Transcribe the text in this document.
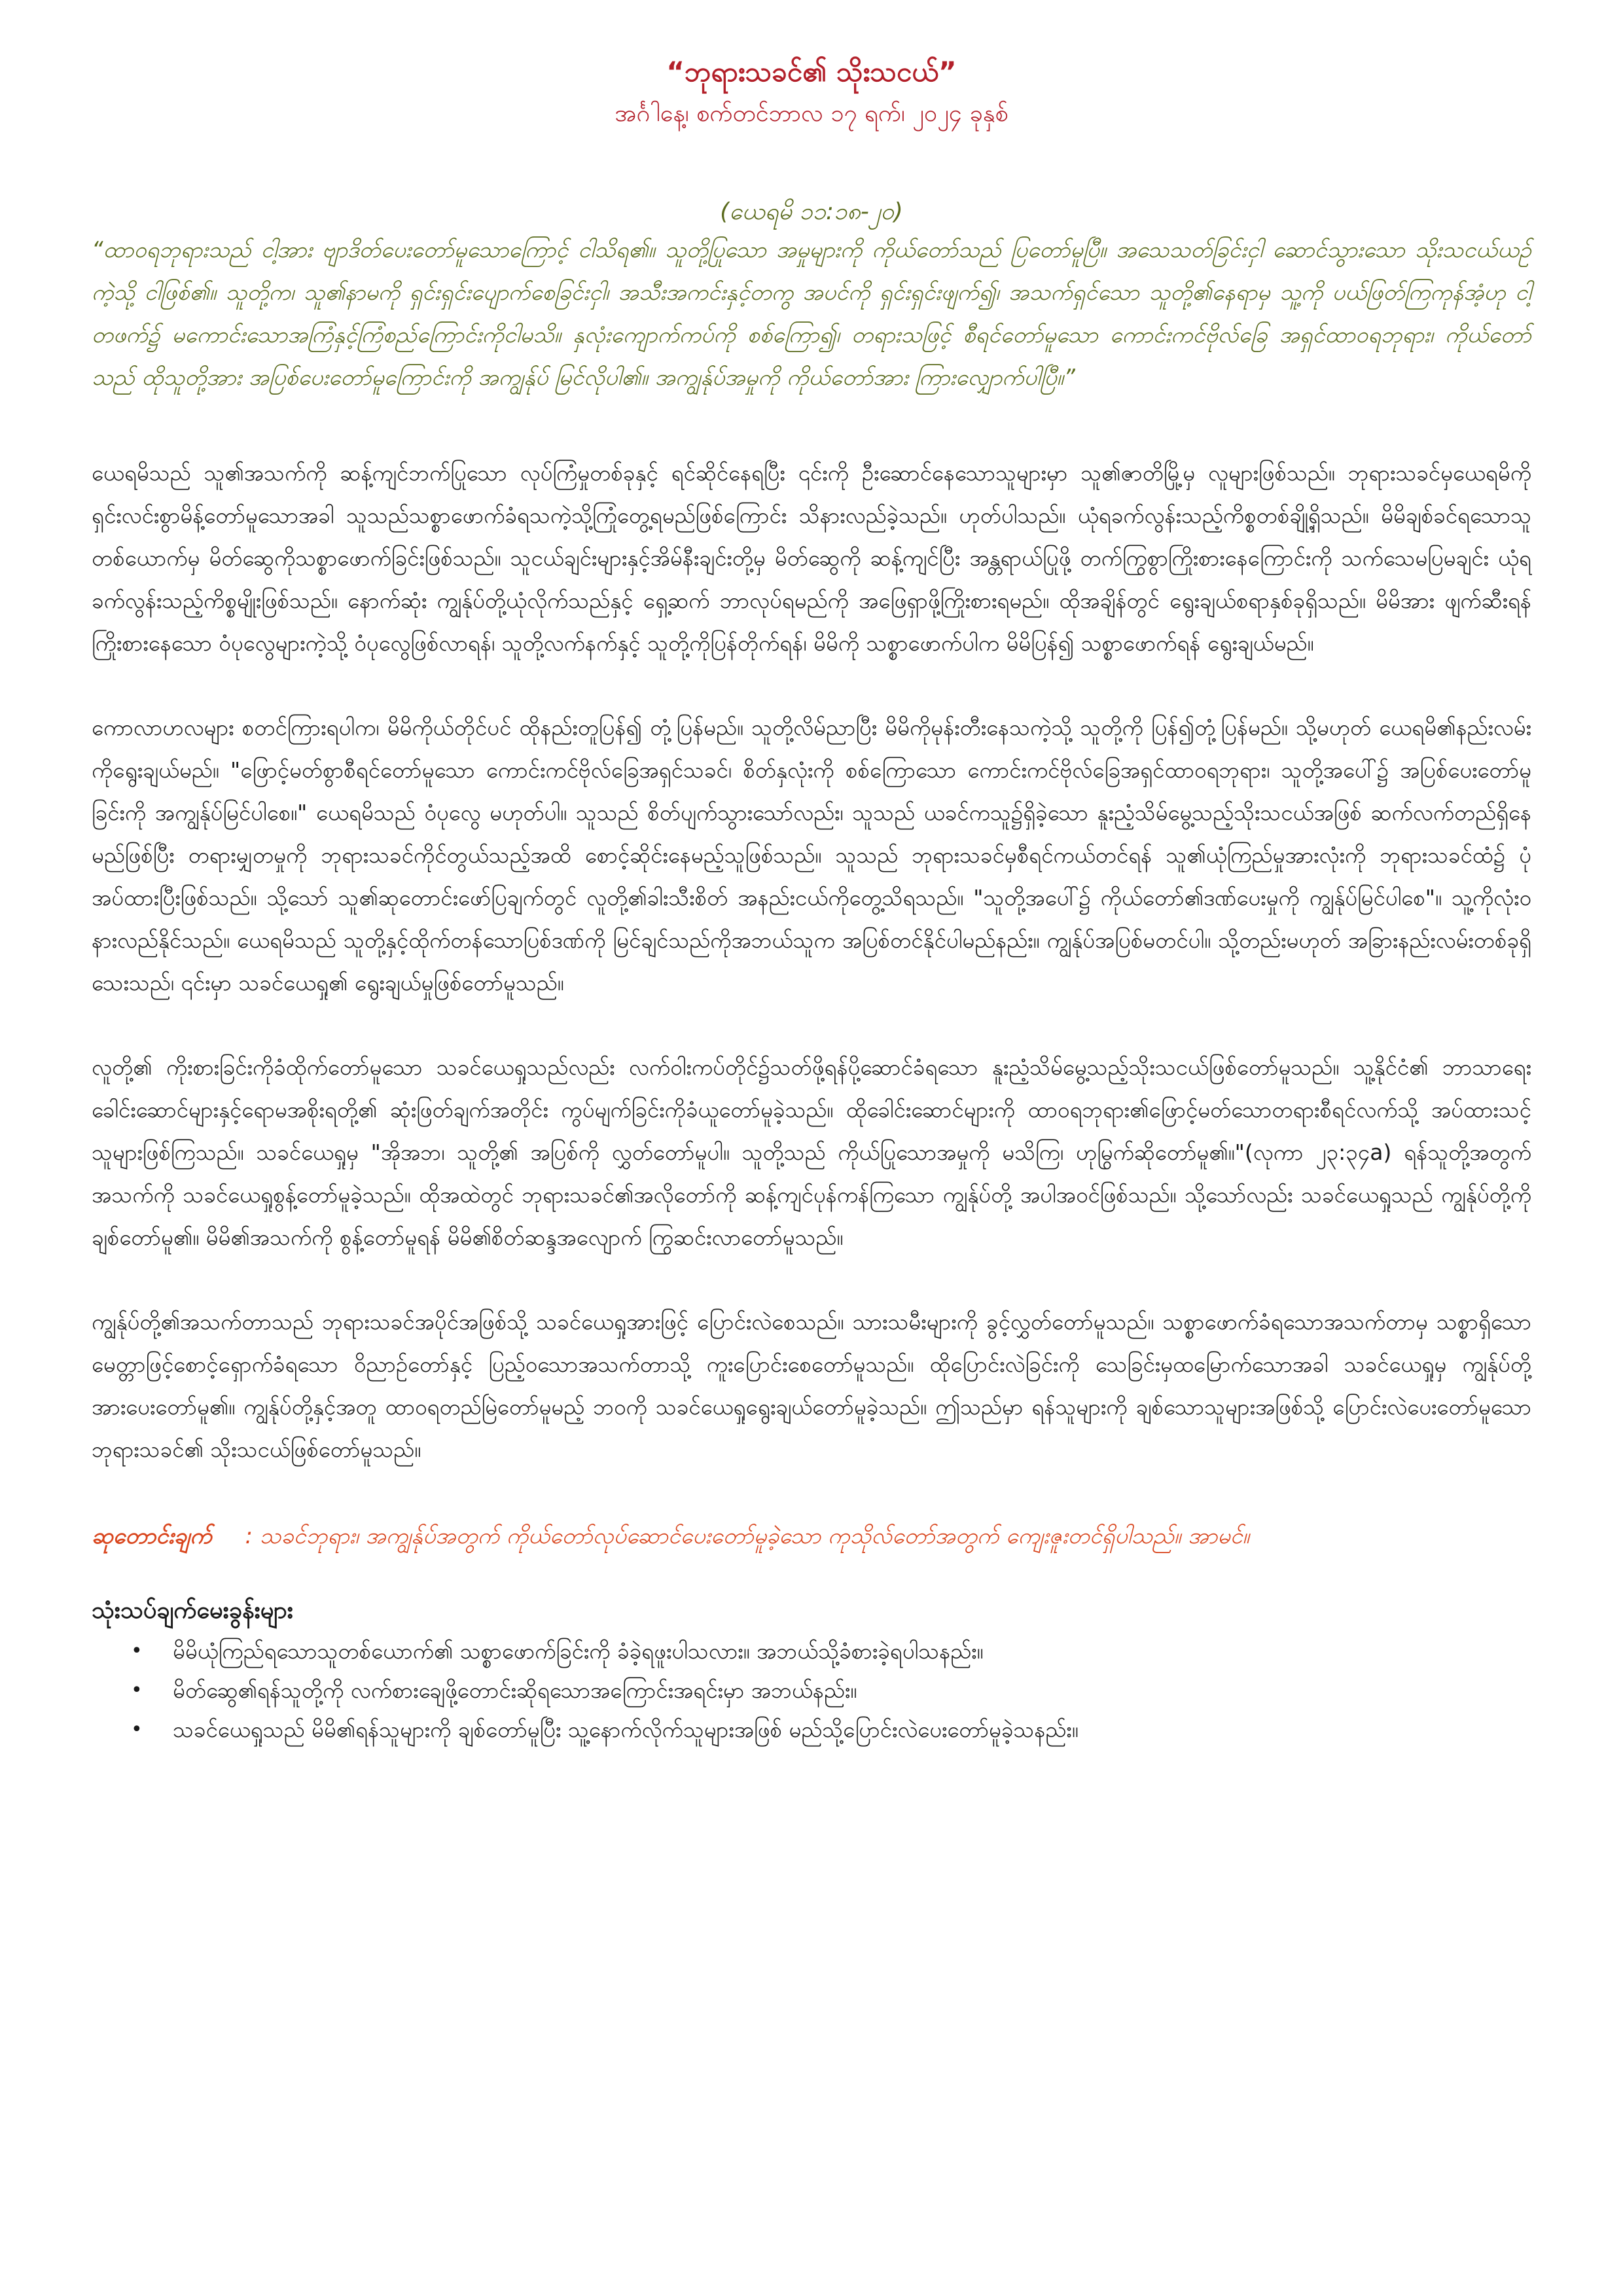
“ဘုရားသခင်၏ သိုးသငယ်”

အင်္ဂါနေ့၊ စက်တင်ဘာလ ၁၇ ရက်၊ ၂၀၂၄ ခုနှစ်

(ယေရမိ ၁၁:၁၈-၂၀)

“ထာဝရဘုရားသည် ငါ့အား ဗျာဒိတ်ပေးတော်မူသောကြောင့် ငါသိရ၏။ သူတို့ပြုသော အမှုများကို ကိုယ်တော်သည် ပြတော်မူပြီ။ အသေသတ်ခြင်းငှါ ဆောင်သွားသော သိုးသငယ်ယဉ်ကဲ့သို့ ငါဖြစ်၏။ သူတို့က၊ သူ၏နာမကို ရှင်းရှင်းပျောက်စေခြင်းငှါ၊ အသီးအကင်းနှင့်တကွ အပင်ကို ရှင်းရှင်းဖျက်၍၊ အသက်ရှင်သော သူတို့၏နေရာမှ သူ့ကို ပယ်ဖြတ်ကြကုန်အံ့ဟု ငါ့တဖက်၌ မကောင်းသောအကြံနှင့်ကြံစည်ကြောင်းကိုငါမသိ။ နှလုံးကျောက်ကပ်ကို စစ်ကြော၍၊ တရားသဖြင့် စီရင်တော်မူသော ကောင်းကင်ဗိုလ်ခြေ အရှင်ထာဝရဘုရား၊ ကိုယ်တော်သည် ထိုသူတို့အား အပြစ်ပေးတော်မူကြောင်းကို အကျွန်ုပ် မြင်လိုပါ၏။ အကျွန်ုပ်အမှုကို ကိုယ်တော်အား ကြားလျှောက်ပါပြီ။”

ယေရမိသည် သူ၏အသက်ကို ဆန့်ကျင်ဘက်ပြုသော လုပ်ကြံမှုတစ်ခုနှင့် ရင်ဆိုင်နေရပြီး ၎င်းကို ဦးဆောင်နေသောသူများမှာ သူ၏ဇာတိမြို့မှ လူများဖြစ်သည်။ ဘုရားသခင်မှယေရမိကို ရှင်းလင်းစွာမိန့်တော်မူသောအခါ သူသည်သစ္စာဖောက်ခံရသကဲ့သို့ကြုံတွေ့ရမည်ဖြစ်ကြောင်း သိနားလည်ခဲ့သည်။ ဟုတ်ပါသည်။ ယုံရခက်လွန်းသည့်ကိစ္စတစ်ချို့ရှိသည်။ မိမိချစ်ခင်ရသောသူတစ်ယောက်မှ မိတ်ဆွေကိုသစ္စာဖောက်ခြင်းဖြစ်သည်။ သူငယ်ချင်းများနှင့်အိမ်နီးချင်းတို့မှ မိတ်ဆွေကို ဆန့်ကျင်ပြီး အန္တရာယ်ပြုဖို့ တက်ကြွစွာကြိုးစားနေကြောင်းကို သက်သေမပြမချင်း ယုံရခက်လွန်းသည့်ကိစ္စမျိုးဖြစ်သည်။ နောက်ဆုံး ကျွန်ုပ်တို့ယုံလိုက်သည်နှင့် ရှေ့ဆက် ဘာလုပ်ရမည်ကို အဖြေရှာဖို့ကြိုးစားရမည်။ ထိုအချိန်တွင် ရွေးချယ်စရာနှစ်ခုရှိသည်။ မိမိအား ဖျက်ဆီးရန် ကြိုးစားနေသော ဝံပုလွေများကဲ့သို့ ဝံပုလွေဖြစ်လာရန်၊ သူတို့လက်နက်နှင့် သူတို့ကိုပြန်တိုက်ရန်၊ မိမိကို သစ္စာဖောက်ပါက မိမိပြန်၍ သစ္စာဖောက်ရန် ရွေးချယ်မည်။

ကောလာဟလများ စတင်ကြားရပါက၊ မိမိကိုယ်တိုင်ပင် ထိုနည်းတူပြန်၍ တုံ့ပြန်မည်။ သူတို့လိမ်ညာပြီး မိမိကိုမုန်းတီးနေသကဲ့သို့ သူတို့ကို ပြန်၍တုံ့ပြန်မည်။ သို့မဟုတ် ယေရမိ၏နည်းလမ်းကိုရွေးချယ်မည်။ "ဖြောင့်မတ်စွာစီရင်တော်မူသော ကောင်းကင်ဗိုလ်ခြေအရှင်သခင်၊ စိတ်နှလုံးကို စစ်ကြောသော ကောင်းကင်ဗိုလ်ခြေအရှင်ထာဝရဘုရား၊ သူတို့အပေါ်၌ အပြစ်ပေးတော်မူခြင်းကို အကျွန်ုပ်မြင်ပါစေ။" ယေရမိသည် ဝံပုလွေ မဟုတ်ပါ။ သူသည် စိတ်ပျက်သွားသော်လည်း၊ သူသည် ယခင်ကသူ၌ရှိခဲ့သော နူးညံ့သိမ်မွေ့သည့်သိုးသငယ်အဖြစ် ဆက်လက်တည်ရှိနေမည်ဖြစ်ပြီး တရားမျှတမှုကို ဘုရားသခင်ကိုင်တွယ်သည့်အထိ စောင့်ဆိုင်းနေမည့်သူဖြစ်သည်။ သူသည် ဘုရားသခင်မှစီရင်ကယ်တင်ရန် သူ၏ယုံကြည်မှုအားလုံးကို ဘုရားသခင်ထံ၌ ပုံအပ်ထားပြီးဖြစ်သည်။ သို့သော် သူ၏ဆုတောင်းဖော်ပြချက်တွင် လူတို့၏ခါးသီးစိတ် အနည်းငယ်ကိုတွေ့သိရသည်။ "သူတို့အပေါ်၌ ကိုယ်တော်၏ဒဏ်ပေးမှုကို ကျွန်ုပ်မြင်ပါစေ"။ သူ့ကိုလုံးဝနားလည်နိုင်သည်။ ယေရမိသည် သူတို့နှင့်ထိုက်တန်သောပြစ်ဒဏ်ကို မြင်ချင်သည်ကိုအဘယ်သူက အပြစ်တင်နိုင်ပါမည်နည်း။ ကျွန်ုပ်အပြစ်မတင်ပါ။ သို့တည်းမဟုတ် အခြားနည်းလမ်းတစ်ခုရှိသေးသည်၊ ၎င်းမှာ သခင်ယေရှု၏ ရွေးချယ်မှုဖြစ်တော်မူသည်။

လူတို့၏ ကိုးစားခြင်းကိုခံထိုက်တော်မူသော သခင်ယေရှုသည်လည်း လက်ဝါးကပ်တိုင်၌သတ်ဖို့ရန်ပို့ဆောင်ခံရသော နူးညံ့သိမ်မွေ့သည့်သိုးသငယ်ဖြစ်တော်မူသည်။ သူ့နိုင်ငံ၏ ဘာသာရေးခေါင်းဆောင်များနှင့်ရောမအစိုးရတို့၏ ဆုံးဖြတ်ချက်အတိုင်း ကွပ်မျက်ခြင်းကိုခံယူတော်မူခဲ့သည်။ ထိုခေါင်းဆောင်များကို ထာဝရဘုရား၏ဖြောင့်မတ်သောတရားစီရင်လက်သို့ အပ်ထားသင့်သူများဖြစ်ကြသည်။ သခင်ယေရှုမှ "အိုအဘ၊ သူတို့၏ အပြစ်ကို လွှတ်တော်မူပါ။ သူတို့သည် ကိုယ်ပြုသောအမှုကို မသိကြ၊ ဟုမြွက်ဆိုတော်မူ၏။"(လုကာ ၂၃:၃၄a) ရန်သူတို့အတွက် အသက်ကို သခင်ယေရှုစွန့်တော်မူခဲ့သည်။ ထိုအထဲတွင် ဘုရားသခင်၏အလိုတော်ကို ဆန့်ကျင်ပုန်ကန်ကြသော ကျွန်ုပ်တို့ အပါအဝင်ဖြစ်သည်။ သို့သော်လည်း သခင်ယေရှုသည် ကျွန်ုပ်တို့ကို ချစ်တော်မူ၏။ မိမိ၏အသက်ကို စွန့်တော်မူရန် မိမိ၏စိတ်ဆန္ဒအလျောက် ကြွဆင်းလာတော်မူသည်။

ကျွန်ုပ်တို့၏အသက်တာသည် ဘုရားသခင်အပိုင်အဖြစ်သို့ သခင်ယေရှုအားဖြင့် ပြောင်းလဲစေသည်။ သားသမီးများကို ခွင့်လွှတ်တော်မူသည်။ သစ္စာဖောက်ခံရသောအသက်တာမှ သစ္စာရှိသောမေတ္တာဖြင့်စောင့်ရှောက်ခံရသော ဝိညာဉ်တော်နှင့် ပြည့်ဝသောအသက်တာသို့ ကူးပြောင်းစေတော်မူသည်။ ထိုပြောင်းလဲခြင်းကို သေခြင်းမှထမြောက်သောအခါ သခင်ယေရှုမှ ကျွန်ုပ်တို့အားပေးတော်မူ၏။ ကျွန်ုပ်တို့နှင့်အတူ ထာဝရတည်မြဲတော်မူမည့် ဘဝကို သခင်ယေရှုရွေးချယ်တော်မူခဲ့သည်။ ဤသည်မှာ ရန်သူများကို ချစ်သောသူများအဖြစ်သို့ ပြောင်းလဲပေးတော်မူသော ဘုရားသခင်၏ သိုးသငယ်ဖြစ်တော်မူသည်။

ဆုတောင်းချက် : သခင်ဘုရား၊ အကျွန်ုပ်အတွက် ကိုယ်တော်လုပ်ဆောင်ပေးတော်မူခဲ့သော ကုသိုလ်တော်အတွက် ကျေးဇူးတင်ရှိပါသည်။ အာမင်။

သုံးသပ်ချက်မေးခွန်းများ
• မိမိယုံကြည်ရသောသူတစ်ယောက်၏ သစ္စာဖောက်ခြင်းကို ခံခဲ့ရဖူးပါသလား။ အဘယ်သို့ခံစားခဲ့ရပါသနည်း။
• မိတ်ဆွေ၏ရန်သူတို့ကို လက်စားချေဖို့တောင်းဆိုရသောအကြောင်းအရင်းမှာ အဘယ်နည်း။
• သခင်ယေရှုသည် မိမိ၏ရန်သူများကို ချစ်တော်မူပြီး သူ့နောက်လိုက်သူများအဖြစ် မည်သို့ပြောင်းလဲပေးတော်မူခဲ့သနည်း။
